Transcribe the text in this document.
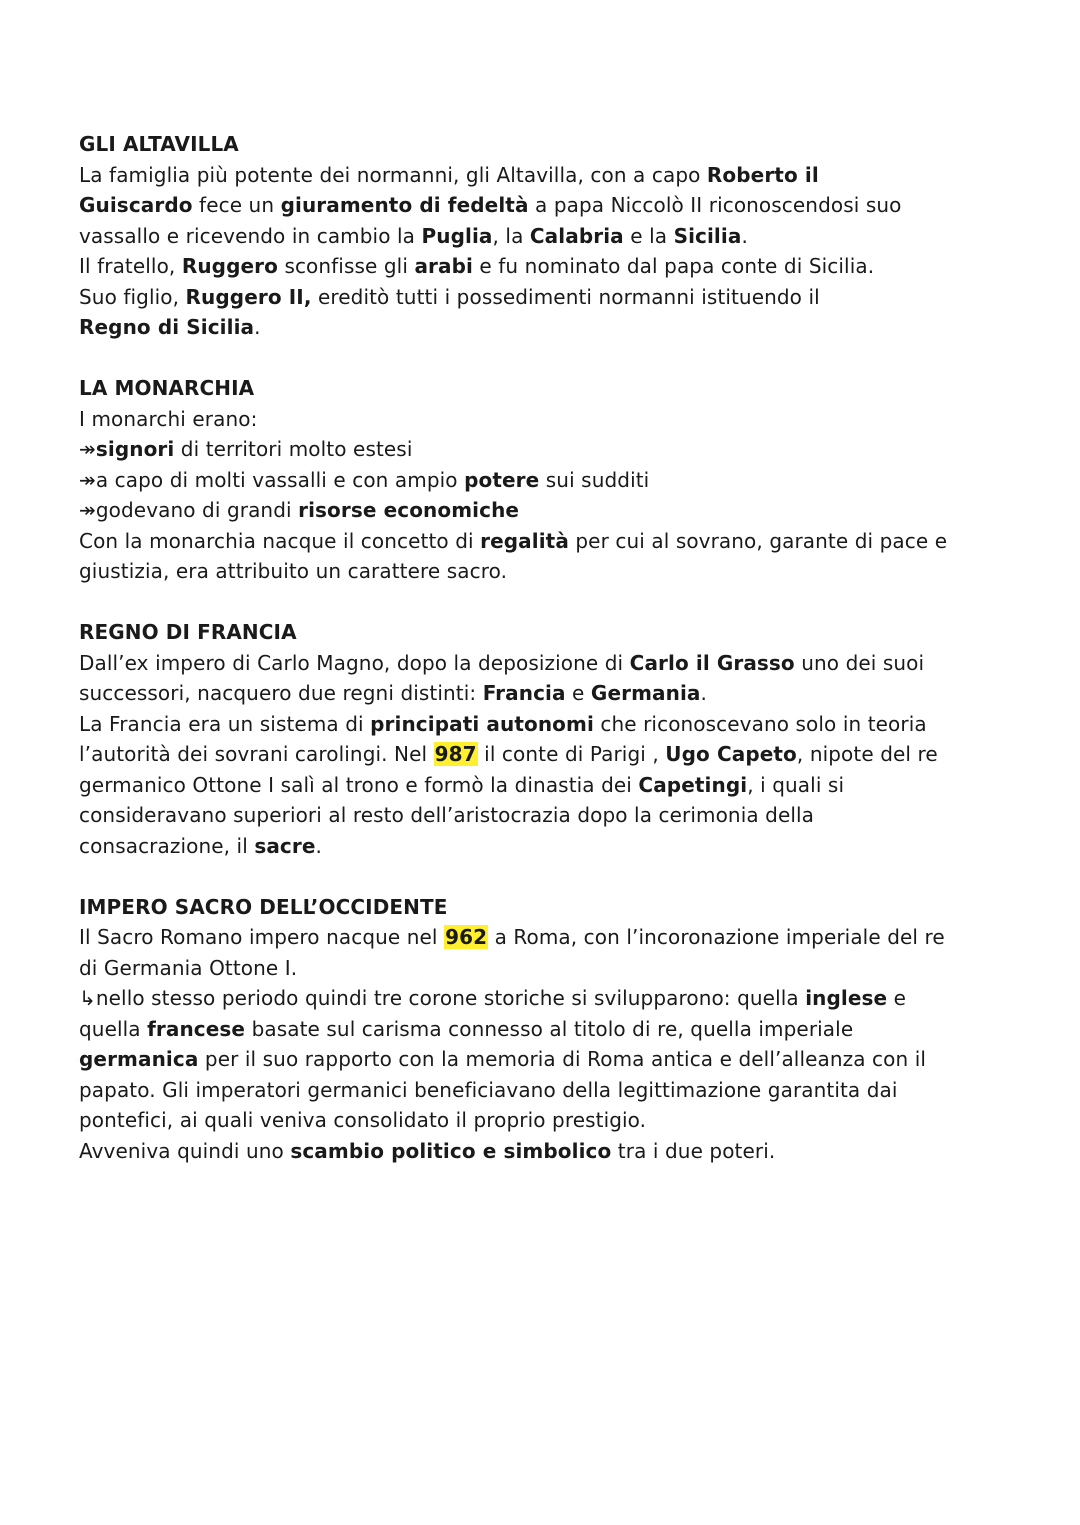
GLI ALTAVILLA
La famiglia più potente dei normanni, gli Altavilla, con a capo Roberto il
Guiscardo fece un giuramento di fedeltà a papa Niccolò II riconoscendosi suo
vassallo e ricevendo in cambio la Puglia, la Calabria e la Sicilia.
Il fratello, Ruggero sconfisse gli arabi e fu nominato dal papa conte di Sicilia.
Suo figlio, Ruggero II, ereditò tutti i possedimenti normanni istituendo il
Regno di Sicilia.
LA MONARCHIA
I monarchi erano:
↠signori di territori molto estesi
↠a capo di molti vassalli e con ampio potere sui sudditi
↠godevano di grandi risorse economiche
Con la monarchia nacque il concetto di regalità per cui al sovrano, garante di pace e
giustizia, era attribuito un carattere sacro.
REGNO DI FRANCIA
Dall’ex impero di Carlo Magno, dopo la deposizione di Carlo il Grasso uno dei suoi
successori, nacquero due regni distinti: Francia e Germania.
La Francia era un sistema di principati autonomi che riconoscevano solo in teoria
l’autorità dei sovrani carolingi. Nel 987 il conte di Parigi , Ugo Capeto, nipote del re
germanico Ottone I salì al trono e formò la dinastia dei Capetingi, i quali si
consideravano superiori al resto dell’aristocrazia dopo la cerimonia della
consacrazione, il sacre.
IMPERO SACRO DELL’OCCIDENTE
Il Sacro Romano impero nacque nel 962 a Roma, con l’incoronazione imperiale del re
di Germania Ottone I.
↳nello stesso periodo quindi tre corone storiche si svilupparono: quella inglese e
quella francese basate sul carisma connesso al titolo di re, quella imperiale
germanica per il suo rapporto con la memoria di Roma antica e dell’alleanza con il
papato. Gli imperatori germanici beneficiavano della legittimazione garantita dai
pontefici, ai quali veniva consolidato il proprio prestigio.
Avveniva quindi uno scambio politico e simbolico tra i due poteri.
